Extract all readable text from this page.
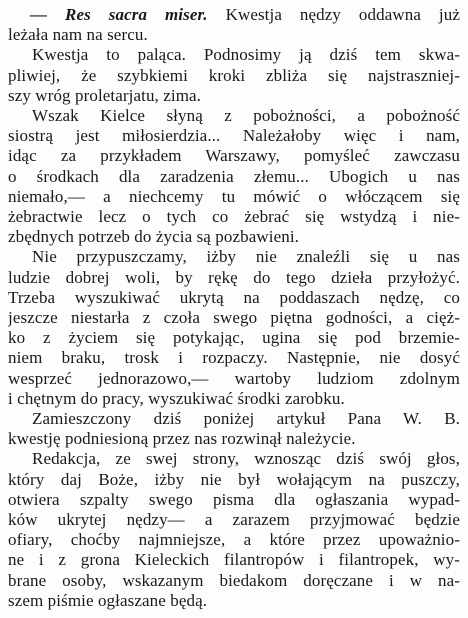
— Res sacra miser. Kwestja nędzy oddawna już
leżała nam na sercu.
Kwestja to paląca. Podnosimy ją dziś tem skwa-
pliwiej, że szybkiemi kroki zbliża się najstraszniej-
szy wróg proletarjatu, zima.
Wszak Kielce słyną z pobożności, a pobożność
siostrą jest miłosierdzia... Należałoby więc i nam,
idąc za przykładem Warszawy, pomyśleć zawczasu
o środkach dla zaradzenia złemu... Ubogich u nas
niemało,— a niechcemy tu mówić o włóczącem się
żebractwie lecz o tych co żebrać się wstydzą i nie-
zbędnych potrzeb do życia są pozbawieni.
Nie przypuszczamy, iżby nie znaleźli się u nas
ludzie dobrej woli, by rękę do tego dzieła przyłożyć.
Trzeba wyszukiwać ukrytą na poddaszach nędzę, co
jeszcze niestarła z czoła swego piętna godności, a cięż-
ko z życiem się potykając, ugina się pod brzemie-
niem braku, trosk i rozpaczy. Następnie, nie dosyć
wesprzeć jednorazowo,— wartoby ludziom zdolnym
i chętnym do pracy, wyszukiwać środki zarobku.
Zamieszczony dziś poniżej artykuł Pana W. B.
kwestję podniesioną przez nas rozwinął należycie.
Redakcja, ze swej strony, wznosząc dziś swój głos,
który daj Boże, iżby nie był wołającym na puszczy,
otwiera szpalty swego pisma dla ogłaszania wypad-
ków ukrytej nędzy— a zarazem przyjmować będzie
ofiary, choćby najmniejsze, a które przez upoważnio-
ne i z grona Kieleckich filantropów i filantropek, wy-
brane osoby, wskazanym biedakom doręczane i w na-
szem piśmie ogłaszane będą.
